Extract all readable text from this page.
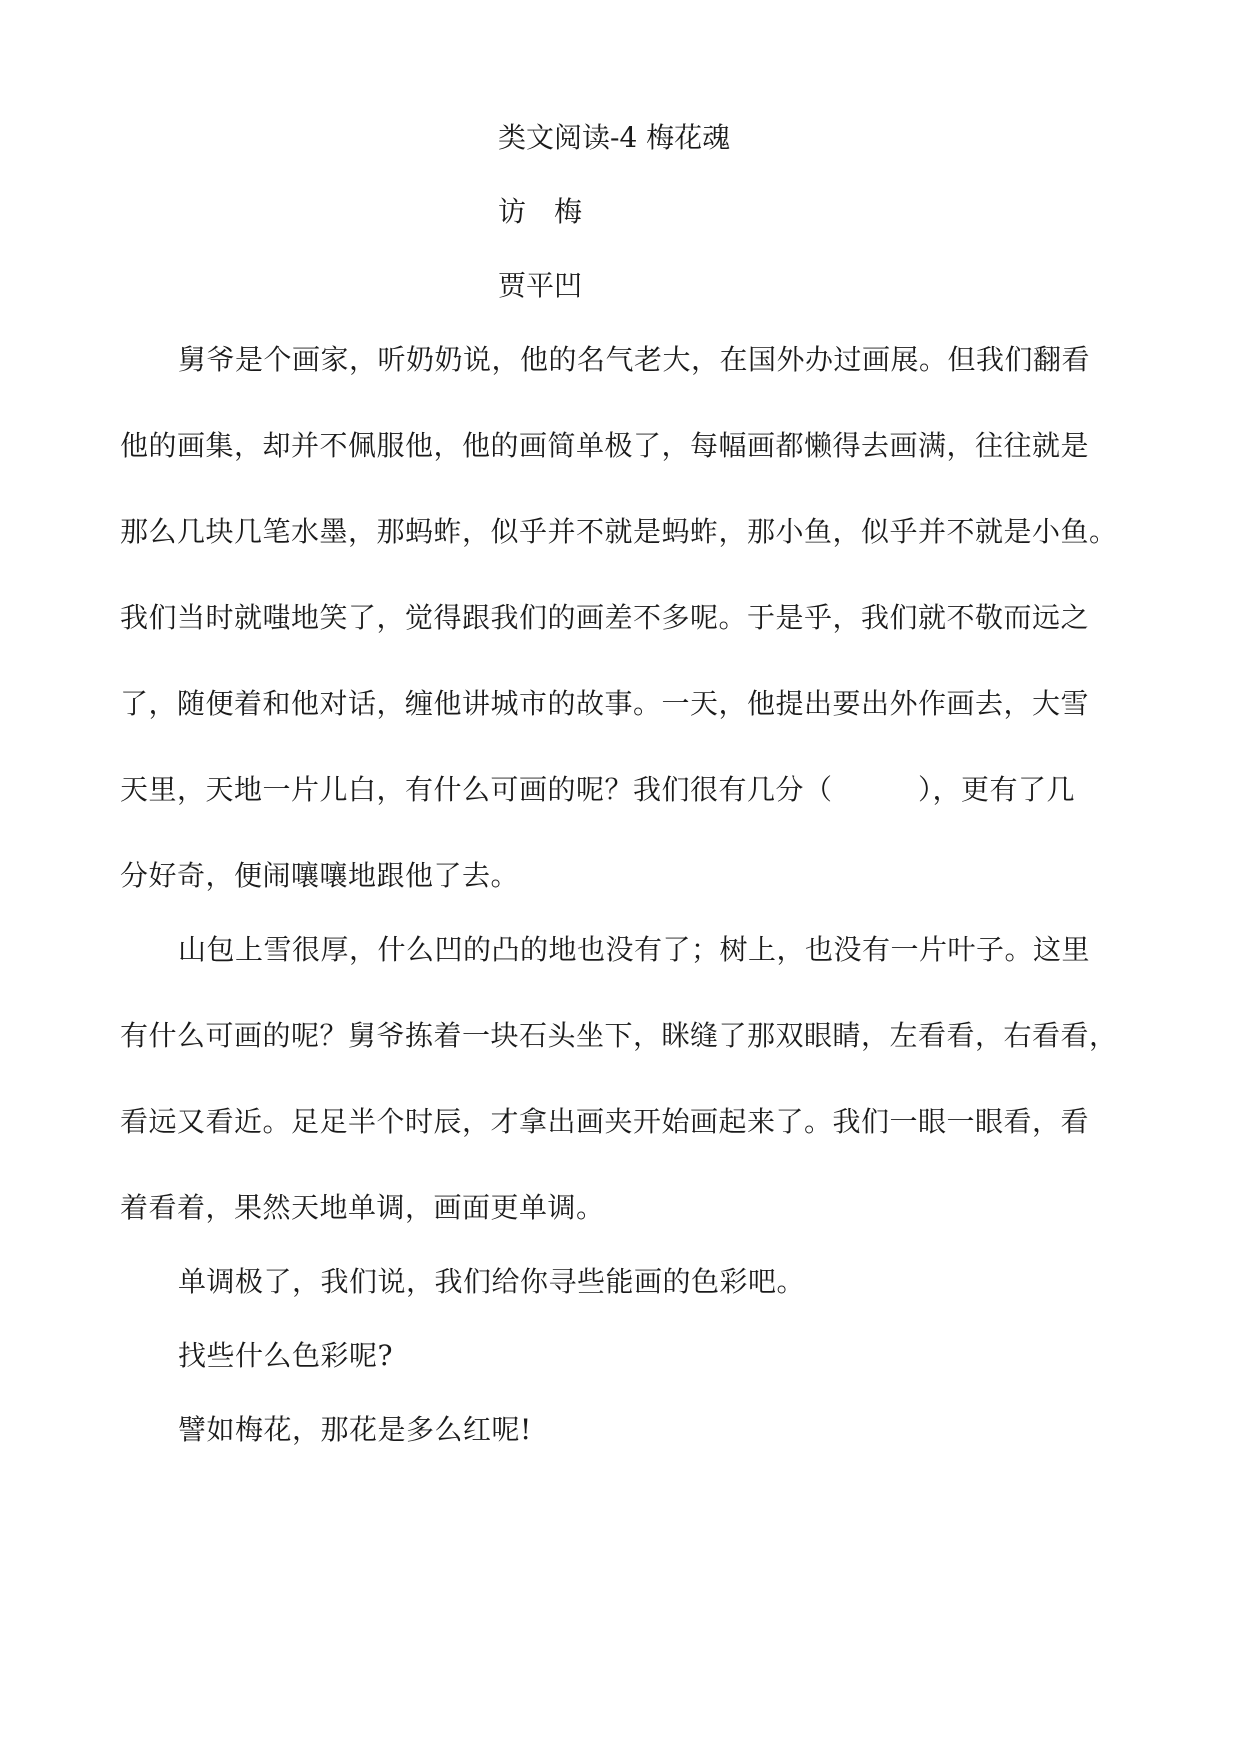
类文阅读-4 梅花魂
访　梅
贾平凹
舅爷是个画家，听奶奶说，他的名气老大，在国外办过画展。但我们翻看
他的画集，却并不佩服他，他的画简单极了，每幅画都懒得去画满，往往就是
那么几块几笔水墨，那蚂蚱，似乎并不就是蚂蚱，那小鱼，似乎并不就是小鱼。
我们当时就嗤地笑了，觉得跟我们的画差不多呢。于是乎，我们就不敬而远之
了，随便着和他对话，缠他讲城市的故事。一天，他提出要出外作画去，大雪
天里，天地一片儿白，有什么可画的呢？我们很有几分（　　　），更有了几
分好奇，便闹嚷嚷地跟他了去。
山包上雪很厚，什么凹的凸的地也没有了；树上，也没有一片叶子。这里
有什么可画的呢？舅爷拣着一块石头坐下，眯缝了那双眼睛，左看看，右看看，
看远又看近。足足半个时辰，才拿出画夹开始画起来了。我们一眼一眼看，看
着看着，果然天地单调，画面更单调。
单调极了，我们说，我们给你寻些能画的色彩吧。
找些什么色彩呢?
譬如梅花，那花是多么红呢!
